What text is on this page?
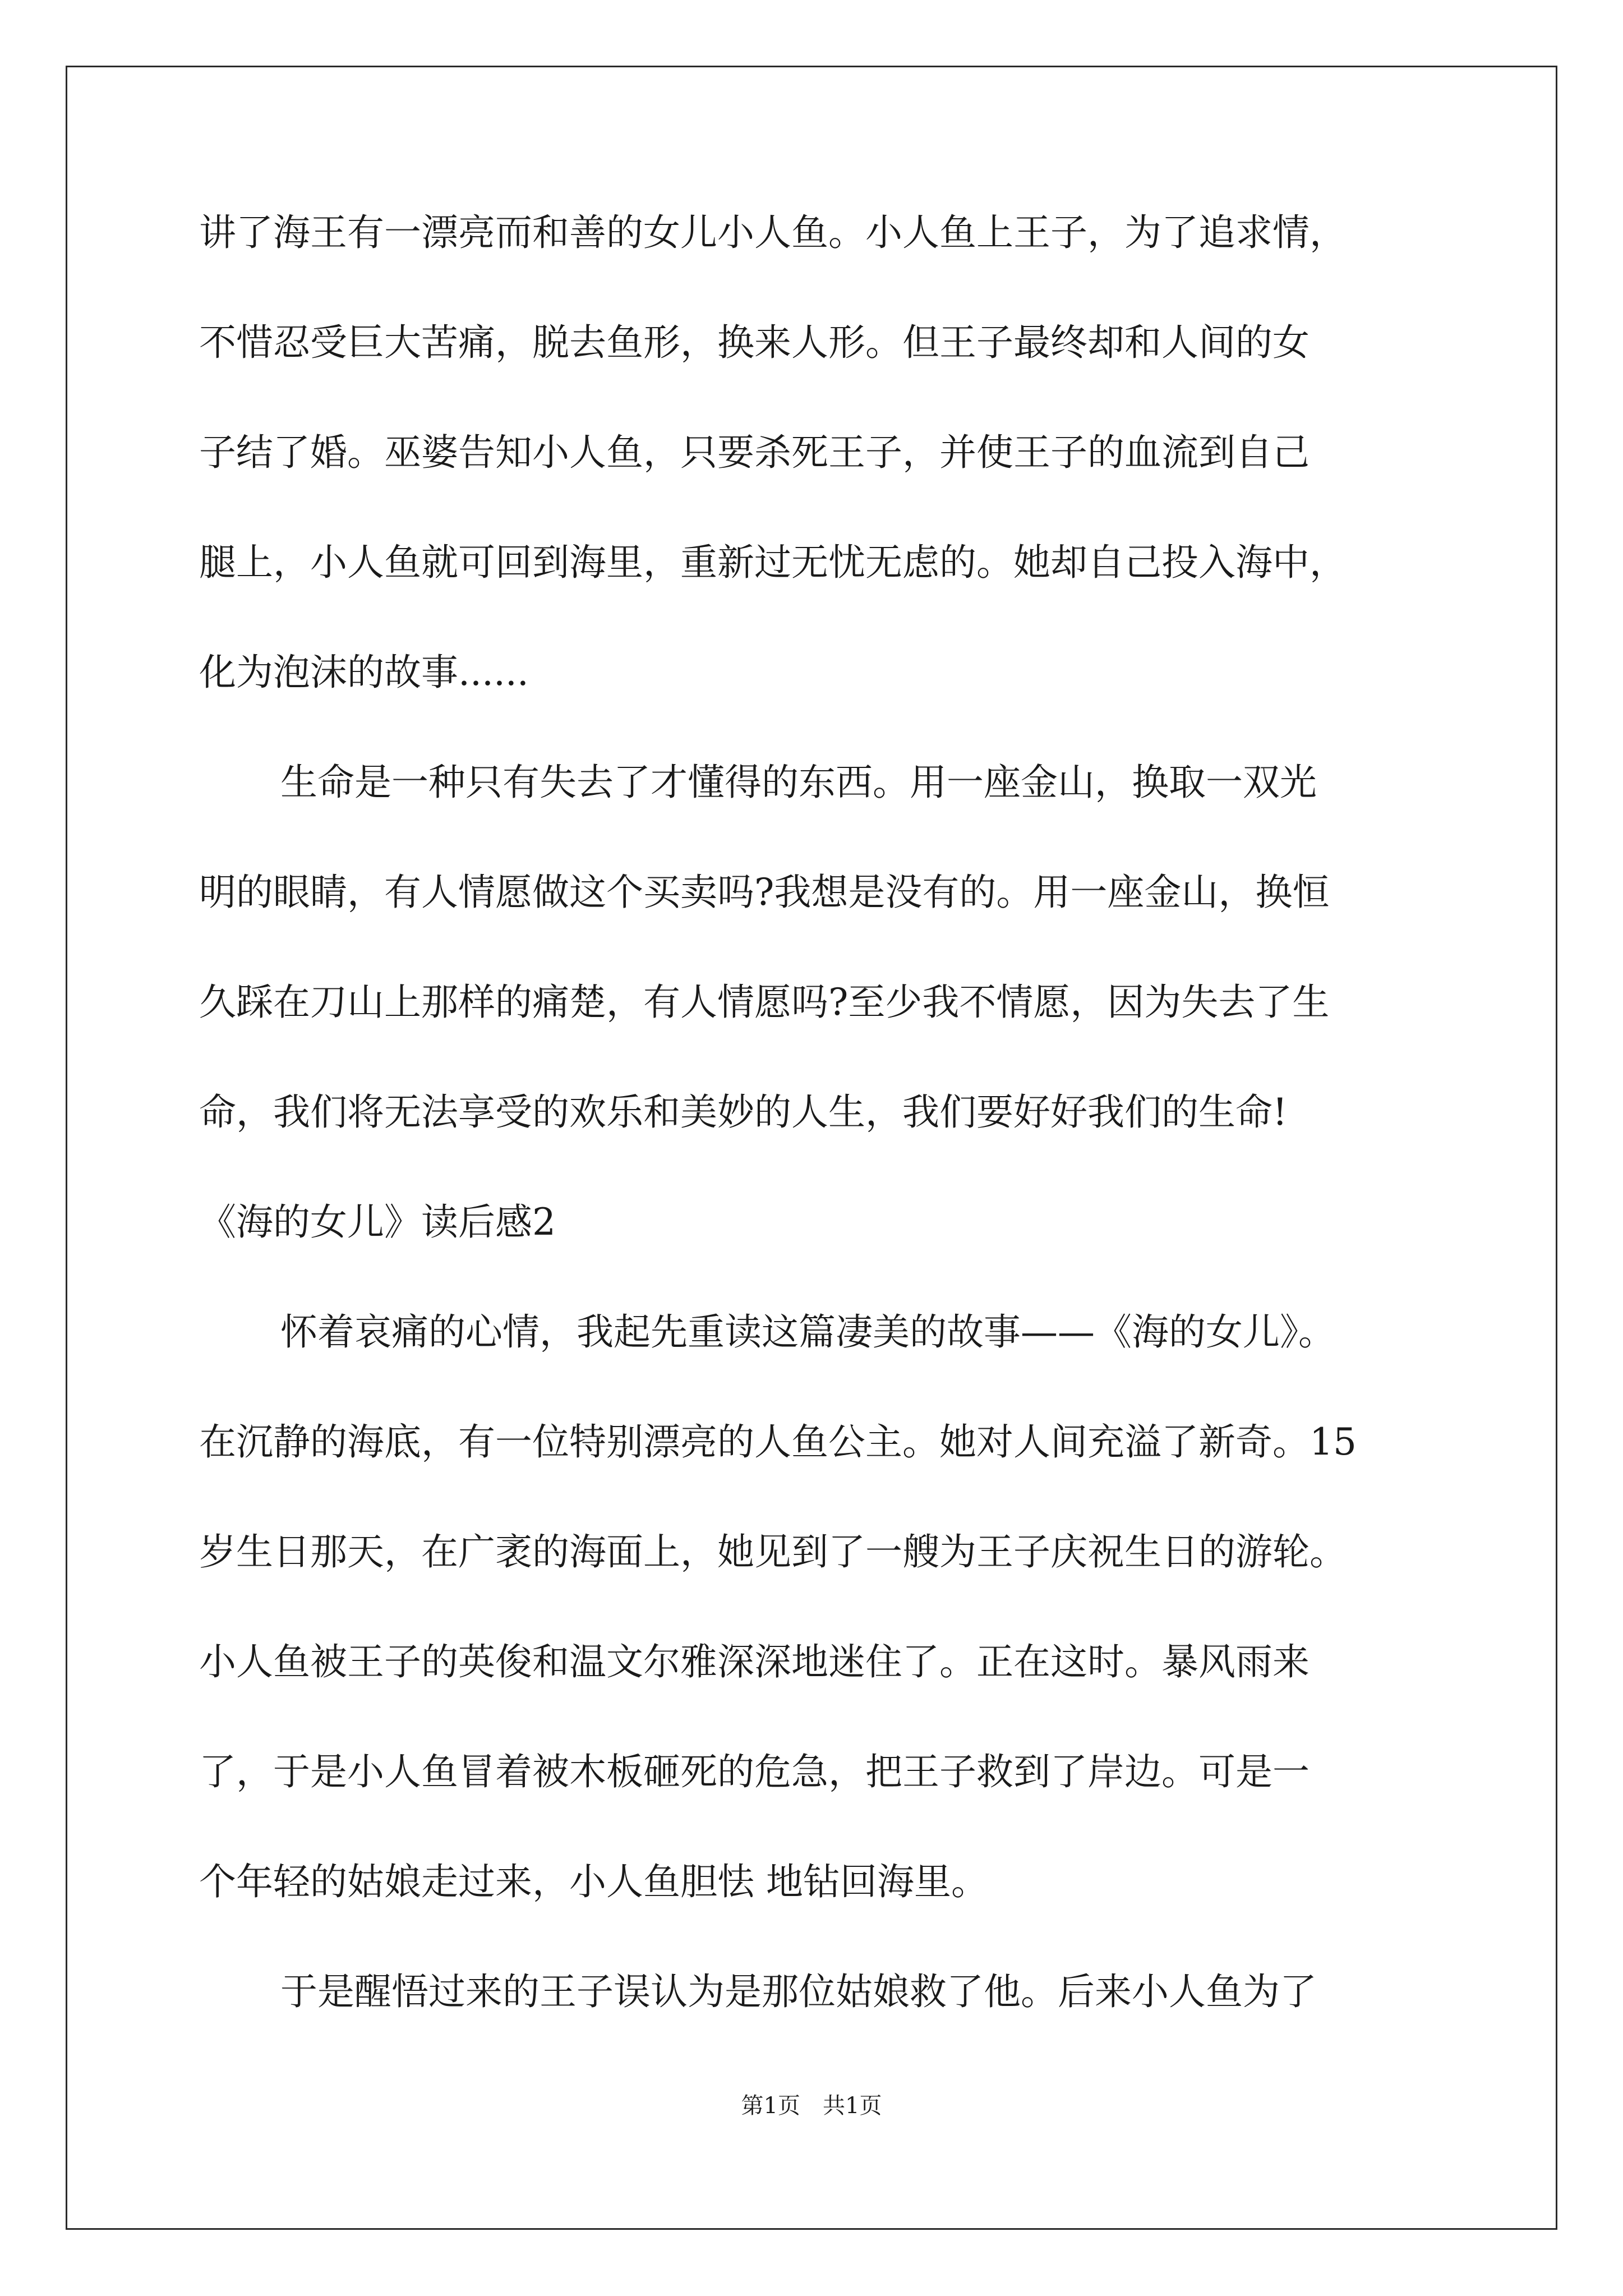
讲了海王有一漂亮而和善的女儿小人鱼。小人鱼上王子，为了追求情，
不惜忍受巨大苦痛，脱去鱼形，换来人形。但王子最终却和人间的女
子结了婚。巫婆告知小人鱼，只要杀死王子，并使王子的血流到自己
腿上，小人鱼就可回到海里，重新过无忧无虑的。她却自己投入海中，
化为泡沫的故事......
生命是一种只有失去了才懂得的东西。用一座金山，换取一双光
明的眼睛，有人情愿做这个买卖吗?我想是没有的。用一座金山，换恒
久踩在刀山上那样的痛楚，有人情愿吗?至少我不情愿，因为失去了生
命，我们将无法享受的欢乐和美妙的人生，我们要好好我们的生命!
《海的女儿》读后感2
怀着哀痛的心情，我起先重读这篇凄美的故事——《海的女儿》。
在沉静的海底，有一位特别漂亮的人鱼公主。她对人间充溢了新奇。15
岁生日那天，在广袤的海面上，她见到了一艘为王子庆祝生日的游轮。
小人鱼被王子的英俊和温文尔雅深深地迷住了。正在这时。暴风雨来
了，于是小人鱼冒着被木板砸死的危急，把王子救到了岸边。可是一
个年轻的姑娘走过来，小人鱼胆怯 地钻回海里。
于是醒悟过来的王子误认为是那位姑娘救了他。后来小人鱼为了
第1页　共1页
